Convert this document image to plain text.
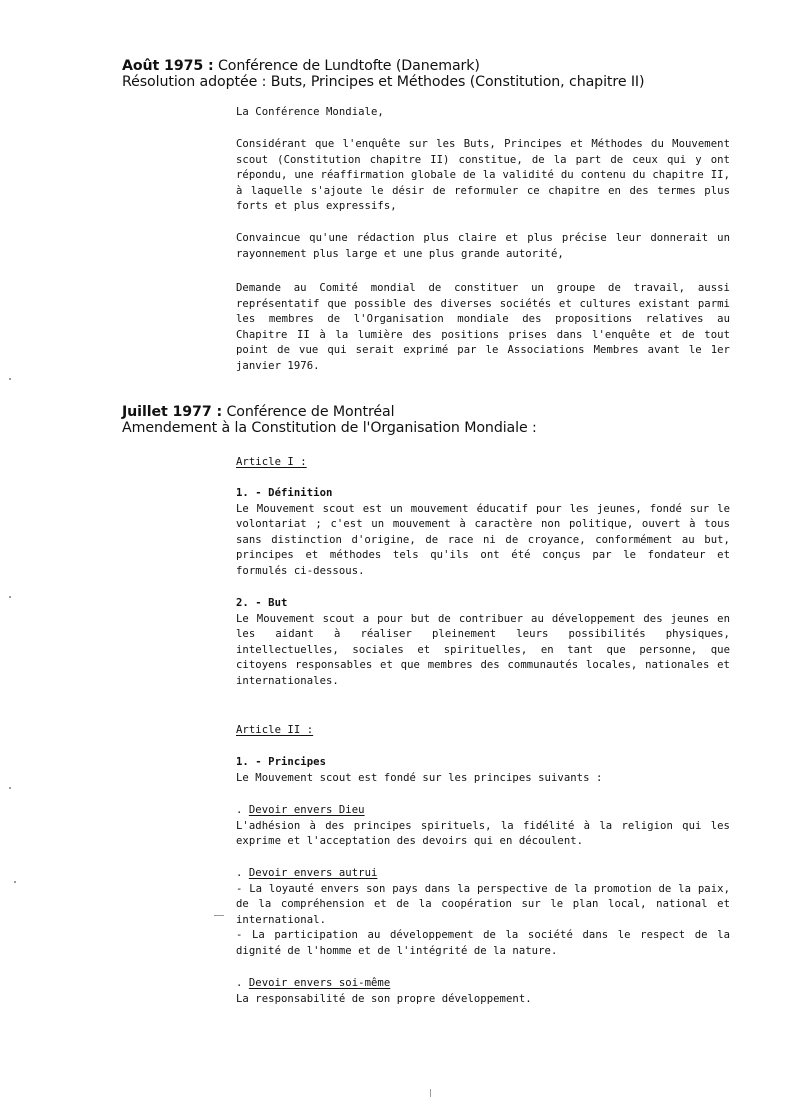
Août 1975 : Conférence de Lundtofte (Danemark)
Résolution adoptée : Buts, Principes et Méthodes (Constitution, chapitre II)

La Conférence Mondiale,

Considérant que l'enquête sur les Buts, Principes et Méthodes du Mouvement scout (Constitution chapitre II) constitue, de la part de ceux qui y ont répondu, une réaffirmation globale de la validité du contenu du chapitre II, à laquelle s'ajoute le désir de reformuler ce chapitre en des termes plus forts et plus expressifs,

Convaincue qu'une rédaction plus claire et plus précise leur donnerait un rayonnement plus large et une plus grande autorité,

Demande au Comité mondial de constituer un groupe de travail, aussi représentatif que possible des diverses sociétés et cultures existant parmi les membres de l'Organisation mondiale des propositions relatives au Chapitre II à la lumière des positions prises dans l'enquête et de tout point de vue qui serait exprimé par le Associations Membres avant le 1er janvier 1976.

Juillet 1977 : Conférence de Montréal
Amendement à la Constitution de l'Organisation Mondiale :

Article I :

1. - Définition

Le Mouvement scout est un mouvement éducatif pour les jeunes, fondé sur le volontariat ; c'est un mouvement à caractère non politique, ouvert à tous sans distinction d'origine, de race ni de croyance, conformément au but, principes et méthodes tels qu'ils ont été conçus par le fondateur et formulés ci-dessous.

2. - But

Le Mouvement scout a pour but de contribuer au développement des jeunes en les aidant à réaliser pleinement leurs possibilités physiques, intellectuelles, sociales et spirituelles, en tant que personne, que citoyens responsables et que membres des communautés locales, nationales et internationales.

Article II :

1. - Principes

Le Mouvement scout est fondé sur les principes suivants :

. Devoir envers Dieu

L'adhésion à des principes spirituels, la fidélité à la religion qui les exprime et l'acceptation des devoirs qui en découlent.

. Devoir envers autrui

- La loyauté envers son pays dans la perspective de la promotion de la paix, de la compréhension et de la coopération sur le plan local, national et international.

- La participation au développement de la société dans le respect de la dignité de l'homme et de l'intégrité de la nature.

. Devoir envers soi-même

La responsabilité de son propre développement.
